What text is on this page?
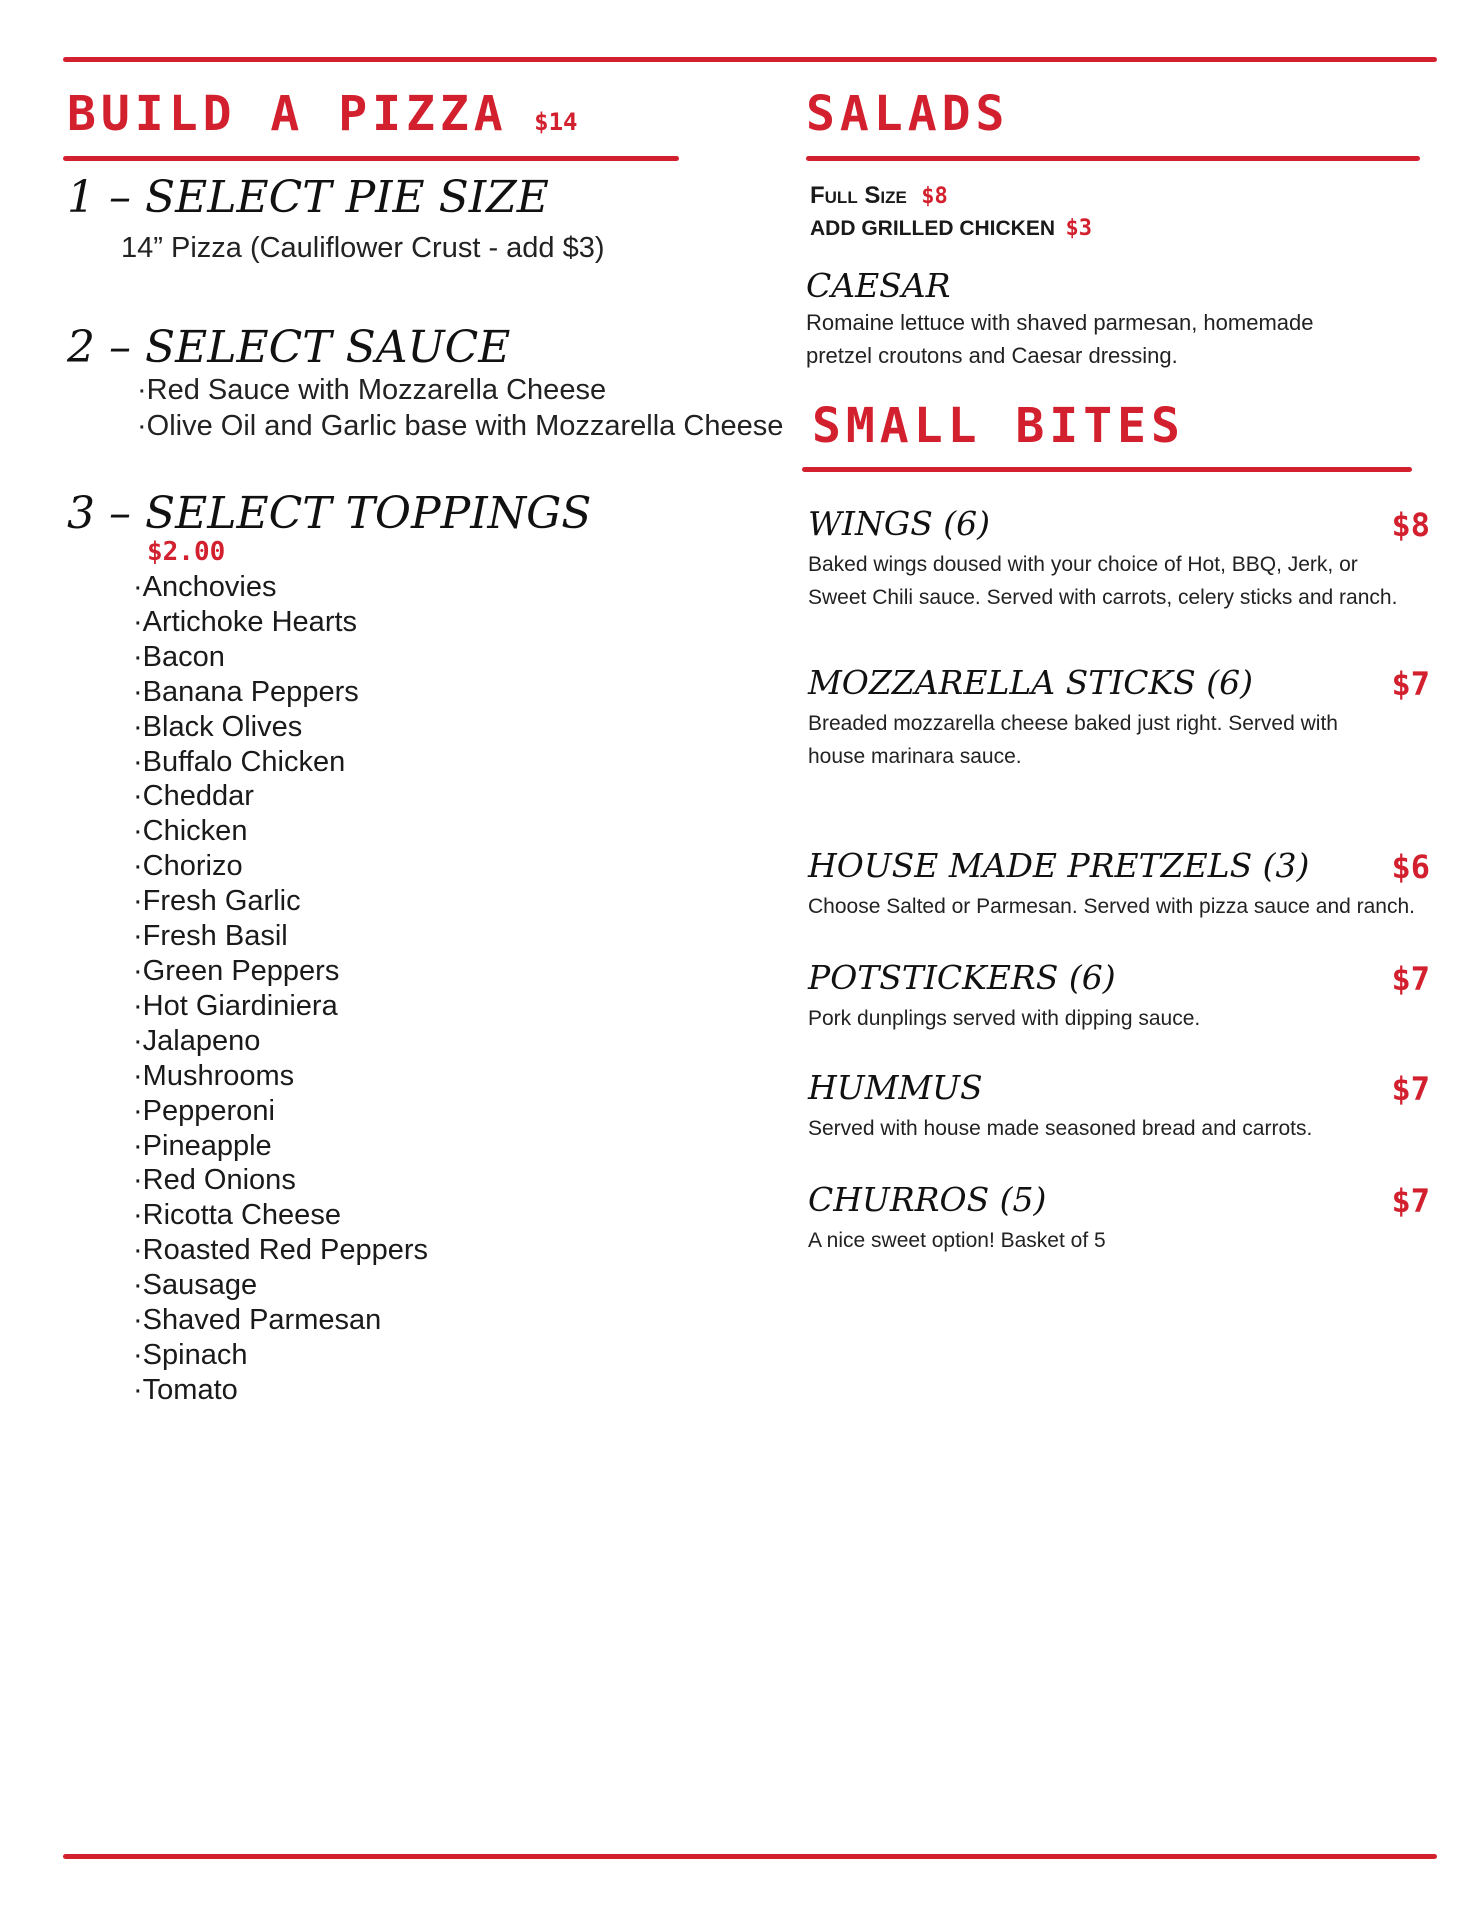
BUILD A PIZZA $14
1 – SELECT PIE SIZE
14” Pizza (Cauliflower Crust - add $3)
2 – SELECT SAUCE
· Red Sauce with Mozzarella Cheese
· Olive Oil and Garlic base with Mozzarella Cheese
3 – SELECT TOPPINGS
$2.00
· Anchovies
· Artichoke Hearts
· Bacon
· Banana Peppers
· Black Olives
· Buffalo Chicken
· Cheddar
· Chicken
· Chorizo
· Fresh Garlic
· Fresh Basil
· Green Peppers
· Hot Giardiniera
· Jalapeno
· Mushrooms
· Pepperoni
· Pineapple
· Red Onions
· Ricotta Cheese
· Roasted Red Peppers
· Sausage
· Shaved Parmesan
· Spinach
· Tomato
SALADS
Full Size $8
ADD GRILLED CHICKEN $3
CAESAR
Romaine lettuce with shaved parmesan, homemade
pretzel croutons and Caesar dressing.
SMALL BITES
WINGS (6)	$8
Baked wings doused with your choice of Hot, BBQ, Jerk, or Sweet Chili sauce. Served with carrots, celery sticks and ranch.
MOZZARELLA STICKS (6)	$7
Breaded mozzarella cheese baked just right. Served with house marinara sauce.
HOUSE MADE PRETZELS (3)	$6
Choose Salted or Parmesan. Served with pizza sauce and ranch.
POTSTICKERS (6)	$7
Pork dunplings served with dipping sauce.
HUMMUS	$7
Served with house made seasoned bread and carrots.
CHURROS (5)	$7
A nice sweet option! Basket of 5
